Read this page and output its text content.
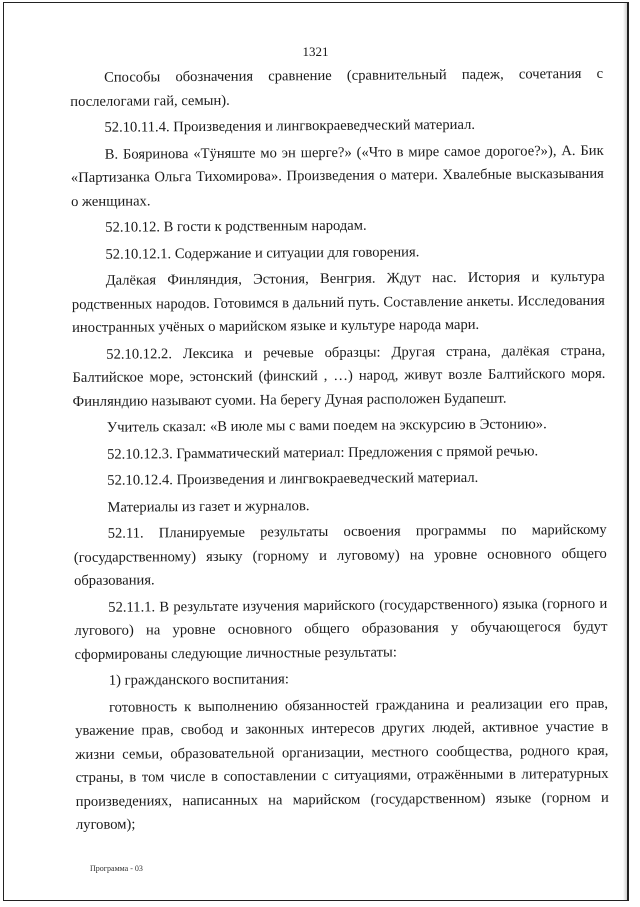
1321

Способы обозначения сравнение (сравнительный падеж, сочетания с послелогами гай, семын).

52.10.11.4. Произведения и лингвокраеведческий материал.

В. Бояринова «Тӱняште мо эн шерге?» («Что в мире самое дорогое?»), А. Бик «Партизанка Ольга Тихомирова». Произведения о матери. Хвалебные высказывания о женщинах.

52.10.12. В гости к родственным народам.

52.10.12.1. Содержание и ситуации для говорения.

Далёкая Финляндия, Эстония, Венгрия. Ждут нас. История и культура родственных народов. Готовимся в дальний путь. Составление анкеты. Исследования иностранных учёных о марийском языке и культуре народа мари.

52.10.12.2. Лексика и речевые образцы: Другая страна, далёкая страна, Балтийское море, эстонский (финский , …) народ, живут возле Балтийского моря. Финляндию называют суоми. На берегу Дуная расположен Будапешт.

Учитель сказал: «В июле мы с вами поедем на экскурсию в Эстонию».

52.10.12.3. Грамматический материал: Предложения с прямой речью.

52.10.12.4. Произведения и лингвокраеведческий материал.

Материалы из газет и журналов.

52.11. Планируемые результаты освоения программы по марийскому (государственному) языку (горному и луговому) на уровне основного общего образования.

52.11.1. В результате изучения марийского (государственного) языка (горного и лугового) на уровне основного общего образования у обучающегося будут сформированы следующие личностные результаты:

1) гражданского воспитания:

готовность к выполнению обязанностей гражданина и реализации его прав, уважение прав, свобод и законных интересов других людей, активное участие в жизни семьи, образовательной организации, местного сообщества, родного края, страны, в том числе в сопоставлении с ситуациями, отражёнными в литературных произведениях, написанных на марийском (государственном) языке (горном и луговом);

Программа - 03
